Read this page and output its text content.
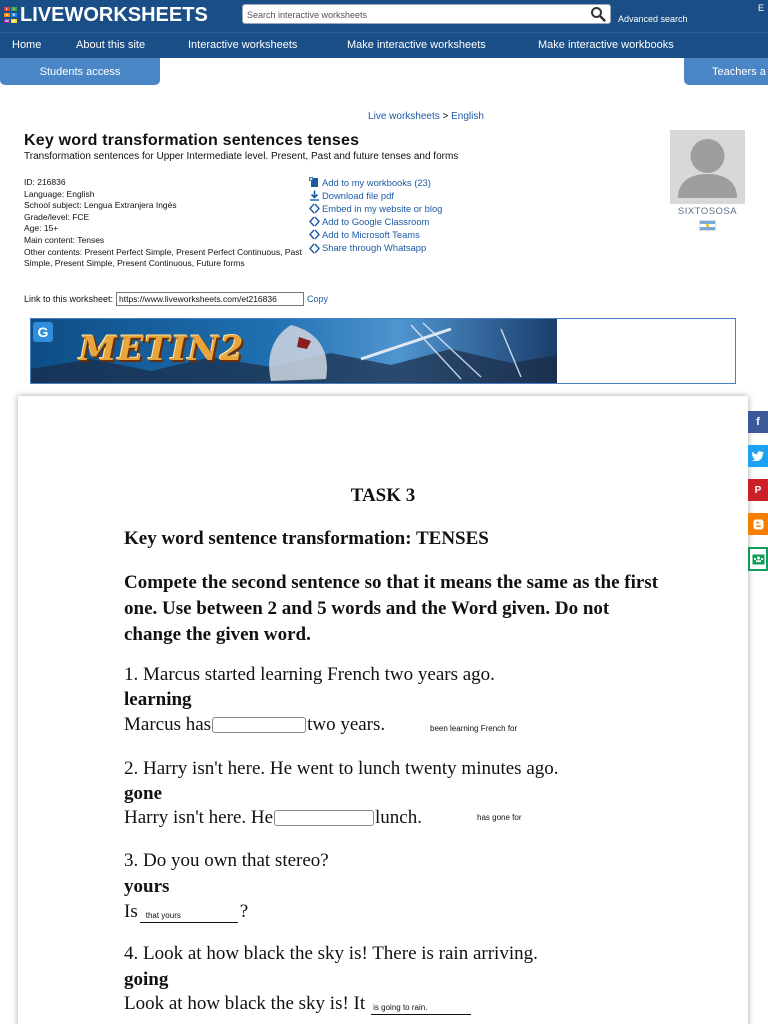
L	I
V	E
W S LIVEWORKSHEETS
Search interactive worksheets	Advanced search
E
Home	About this site	Interactive worksheets	Make interactive worksheets	Make interactive workbooks
Students access	Teachers a
Live worksheets > English
Key word transformation sentences tenses
Transformation sentences for Upper Intermediate level. Present, Past and future tenses and forms
ID: 216836
Language: English
School subject: Lengua Extranjera Ingés
Grade/level: FCE
Age: 15+
Main content: Tenses
Other contents: Present Perfect Simple, Present Perfect Continuous, Past Simple, Present Simple, Present Continuous, Future forms
Add to my workbooks (23)
Download file pdf
Embed in my website or blog
Add to Google Classroom
Add to Microsoft Teams
Share through Whatsapp
SIXTOSOSA
Link to this worksheet:
https://www.liveworksheets.com/et216836	Copy
G METIN2
TASK 3
Key word sentence transformation: TENSES
Compete the second sentence so that it means the same as the first one. Use between 2 and 5 words and the Word given. Do not change the given word.
1. Marcus started learning French two years ago.
learning
Marcus has	two years.	been learning French for
2. Harry isn't here. He went to lunch twenty minutes ago.
gone
Harry isn't here. He	lunch.	has gone for
3. Do you own that stereo?
yours
Is that yours	?
4. Look at how black the sky is! There is rain arriving.
going
Look at how black the sky is! It is going to rain.
f
P
